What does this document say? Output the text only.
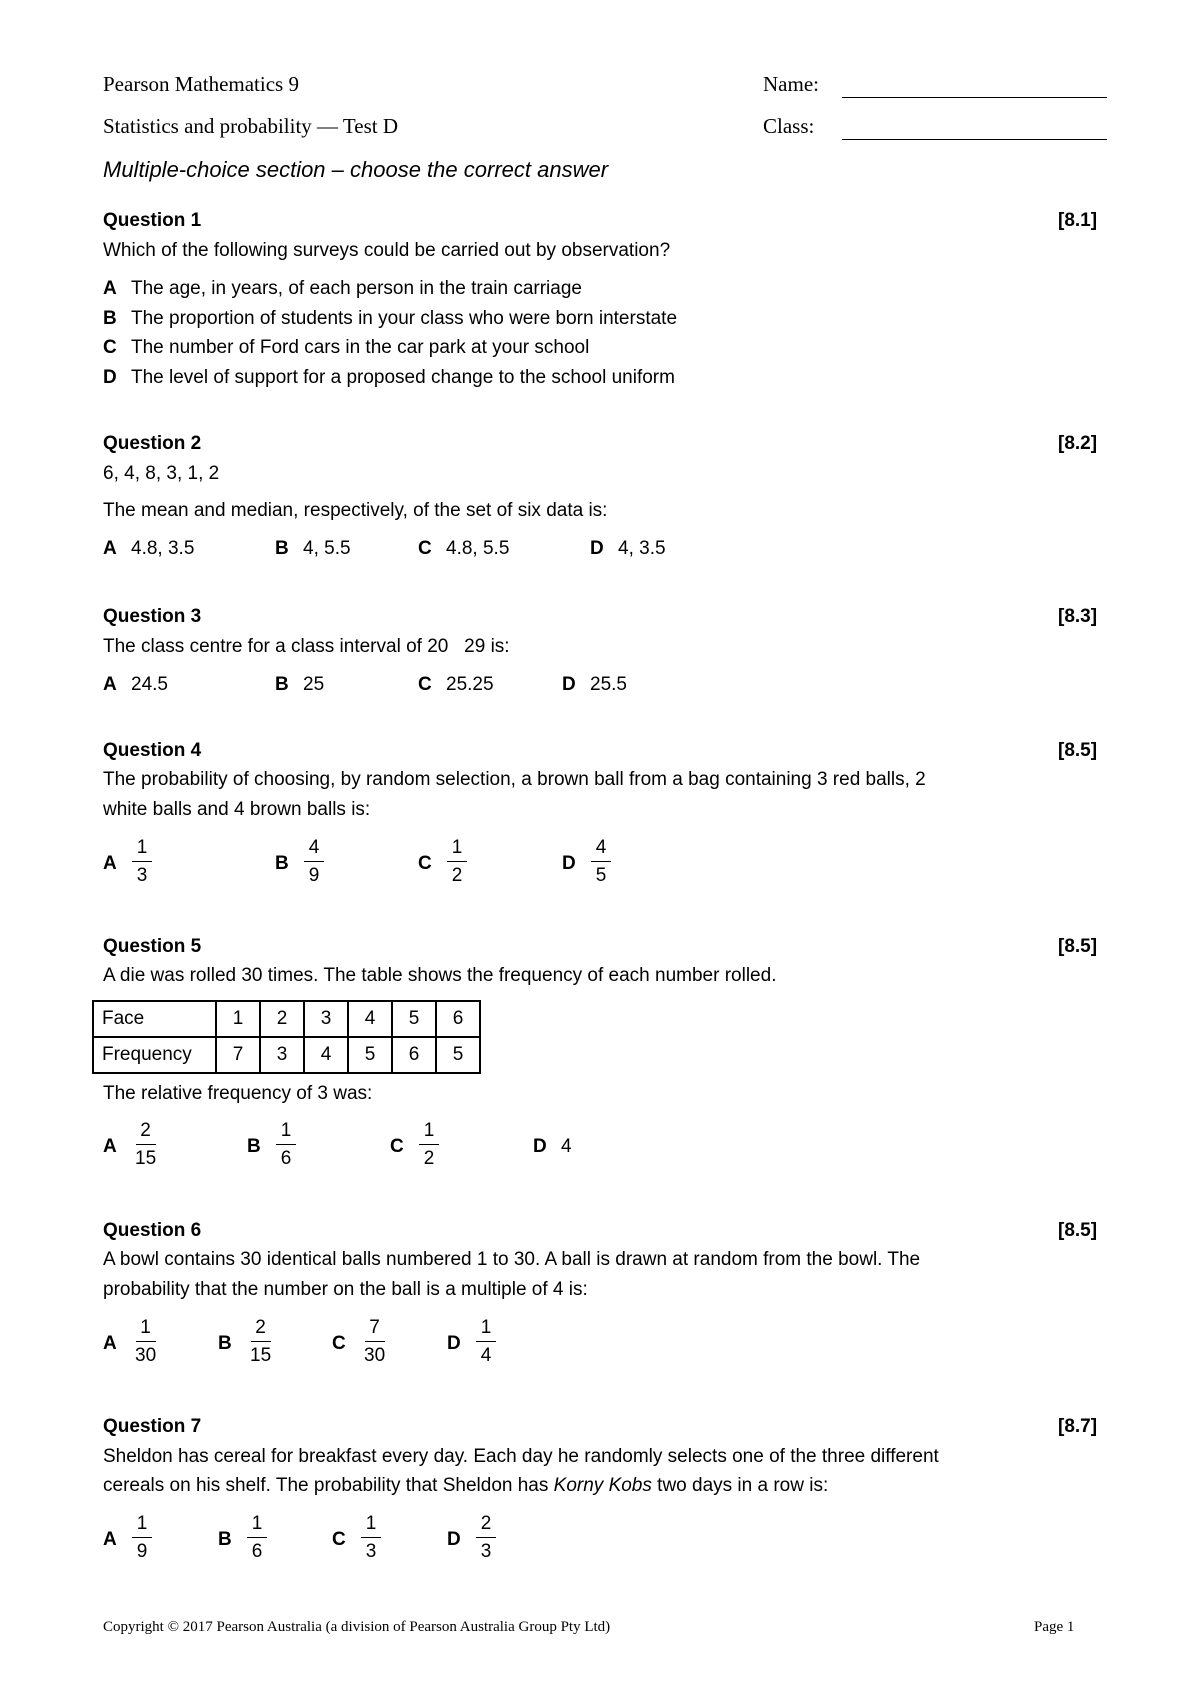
Pearson Mathematics 9
Statistics and probability — Test D
Name:
Class:
Multiple-choice section – choose the correct answer
Question 1	[8.1]
Which of the following surveys could be carried out by observation?
A The age, in years, of each person in the train carriage
B The proportion of students in your class who were born interstate
C The number of Ford cars in the car park at your school
D The level of support for a proposed change to the school uniform
Question 2	[8.2]
6, 4, 8, 3, 1, 2
The mean and median, respectively, of the set of six data is:
A 4.8, 3.5	B 4, 5.5	C 4.8, 5.5	D 4, 3.5
Question 3	[8.3]
The class centre for a class interval of 20   29 is:
A 24.5	B 25	C 25.25	D 25.5
Question 4	[8.5]
The probability of choosing, by random selection, a brown ball from a bag containing 3 red balls, 2
white balls and 4 brown balls is:
A $\frac{1}{3}$	B $\frac{4}{9}$	C $\frac{1}{2}$	D $\frac{4}{5}$
Question 5	[8.5]
A die was rolled 30 times. The table shows the frequency of each number rolled.
Face	1	2	3	4	5	6
Frequency	7	3	4	5	6	5
The relative frequency of 3 was:
A $\frac{2}{15}$	B $\frac{1}{6}$	C $\frac{1}{2}$	D 4
Question 6	[8.5]
A bowl contains 30 identical balls numbered 1 to 30. A ball is drawn at random from the bowl. The
probability that the number on the ball is a multiple of 4 is:
A $\frac{1}{30}$	B $\frac{2}{15}$	C $\frac{7}{30}$	D $\frac{1}{4}$
Question 7	[8.7]
Sheldon has cereal for breakfast every day. Each day he randomly selects one of the three different
cereals on his shelf. The probability that Sheldon has Korny Kobs two days in a row is:
A $\frac{1}{9}$	B $\frac{1}{6}$	C $\frac{1}{3}$	D $\frac{2}{3}$
Copyright © 2017 Pearson Australia (a division of Pearson Australia Group Pty Ltd)	Page 1
